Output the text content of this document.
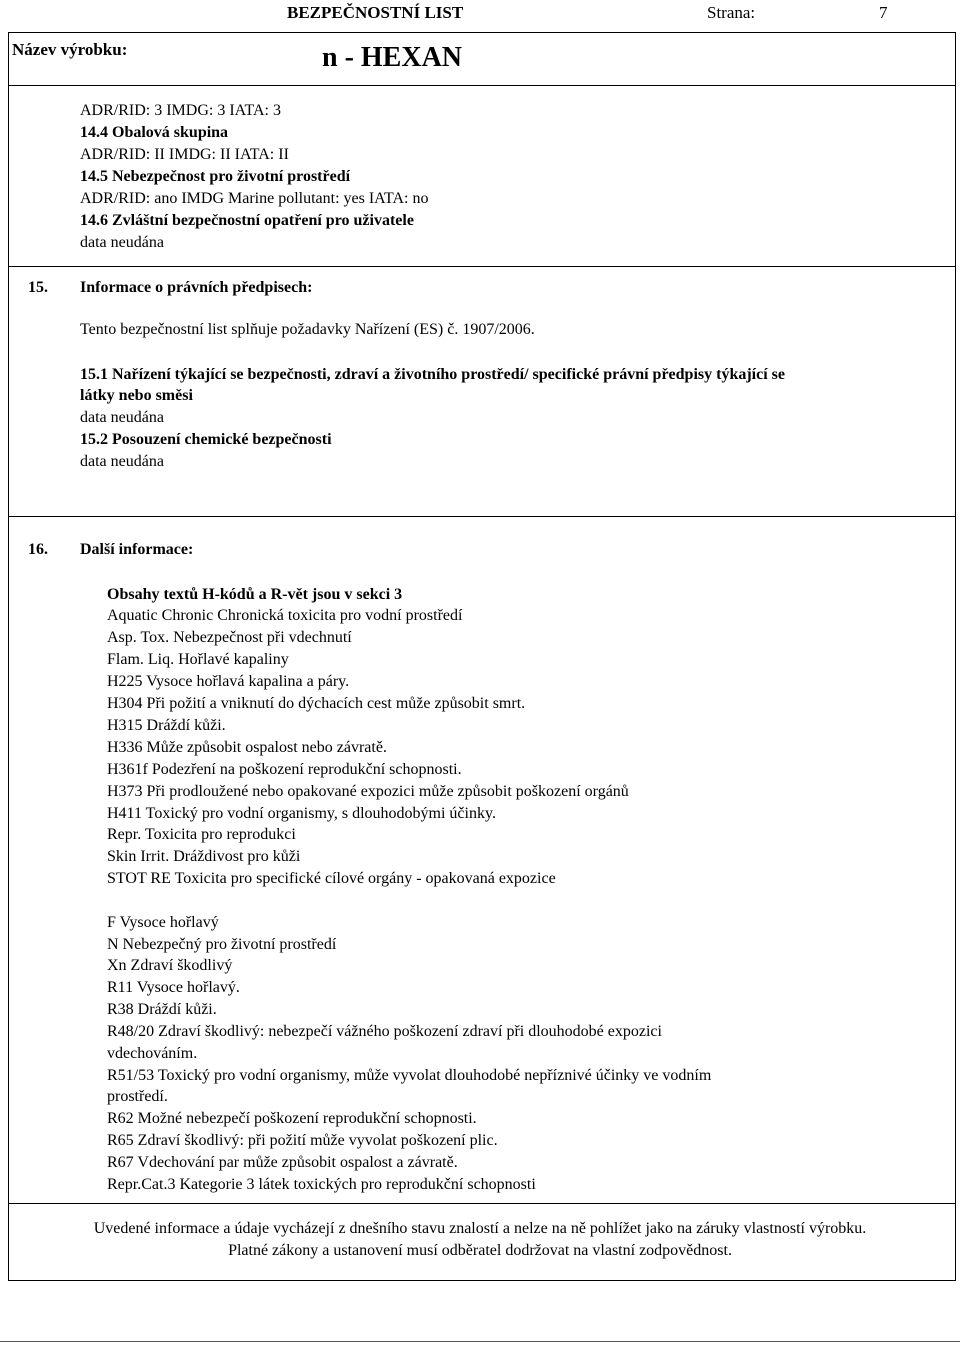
BEZPEČNOSTNÍ LIST	Strana:	7
Název výrobku:	n - HEXAN
ADR/RID: 3 IMDG: 3 IATA: 3
14.4 Obalová skupina
ADR/RID: II IMDG: II IATA: II
14.5 Nebezpečnost pro životní prostředí
ADR/RID: ano IMDG Marine pollutant: yes IATA: no
14.6 Zvláštní bezpečnostní opatření pro uživatele
data neudána
15. Informace o právních předpisech:
Tento bezpečnostní list splňuje požadavky Nařízení (ES) č. 1907/2006.
15.1 Nařízení týkající se bezpečnosti, zdraví a životního prostředí/ specifické právní předpisy týkající se
látky nebo směsi
data neudána
15.2 Posouzení chemické bezpečnosti
data neudána
16. Další informace:
Obsahy textů H-kódů a R-vět jsou v sekci 3
Aquatic Chronic Chronická toxicita pro vodní prostředí
Asp. Tox. Nebezpečnost při vdechnutí
Flam. Liq. Hořlavé kapaliny
H225 Vysoce hořlavá kapalina a páry.
H304 Při požití a vniknutí do dýchacích cest může způsobit smrt.
H315 Dráždí kůži.
H336 Může způsobit ospalost nebo závratě.
H361f Podezření na poškození reprodukční schopnosti.
H373 Při prodloužené nebo opakované expozici může způsobit poškození orgánů
H411 Toxický pro vodní organismy, s dlouhodobými účinky.
Repr. Toxicita pro reprodukci
Skin Irrit. Dráždivost pro kůži
STOT RE Toxicita pro specifické cílové orgány - opakovaná expozice
F Vysoce hořlavý
N Nebezpečný pro životní prostředí
Xn Zdraví škodlivý
R11 Vysoce hořlavý.
R38 Dráždí kůži.
R48/20 Zdraví škodlivý: nebezpečí vážného poškození zdraví při dlouhodobé expozici
vdechováním.
R51/53 Toxický pro vodní organismy, může vyvolat dlouhodobé nepříznivé účinky ve vodním
prostředí.
R62 Možné nebezpečí poškození reprodukční schopnosti.
R65 Zdraví škodlivý: při požití může vyvolat poškození plic.
R67 Vdechování par může způsobit ospalost a závratě.
Repr.Cat.3 Kategorie 3 látek toxických pro reprodukční schopnosti
Uvedené informace a údaje vycházejí z dnešního stavu znalostí a nelze na ně pohlížet jako na záruky vlastností výrobku.
Platné zákony a ustanovení musí odběratel dodržovat na vlastní zodpovědnost.
